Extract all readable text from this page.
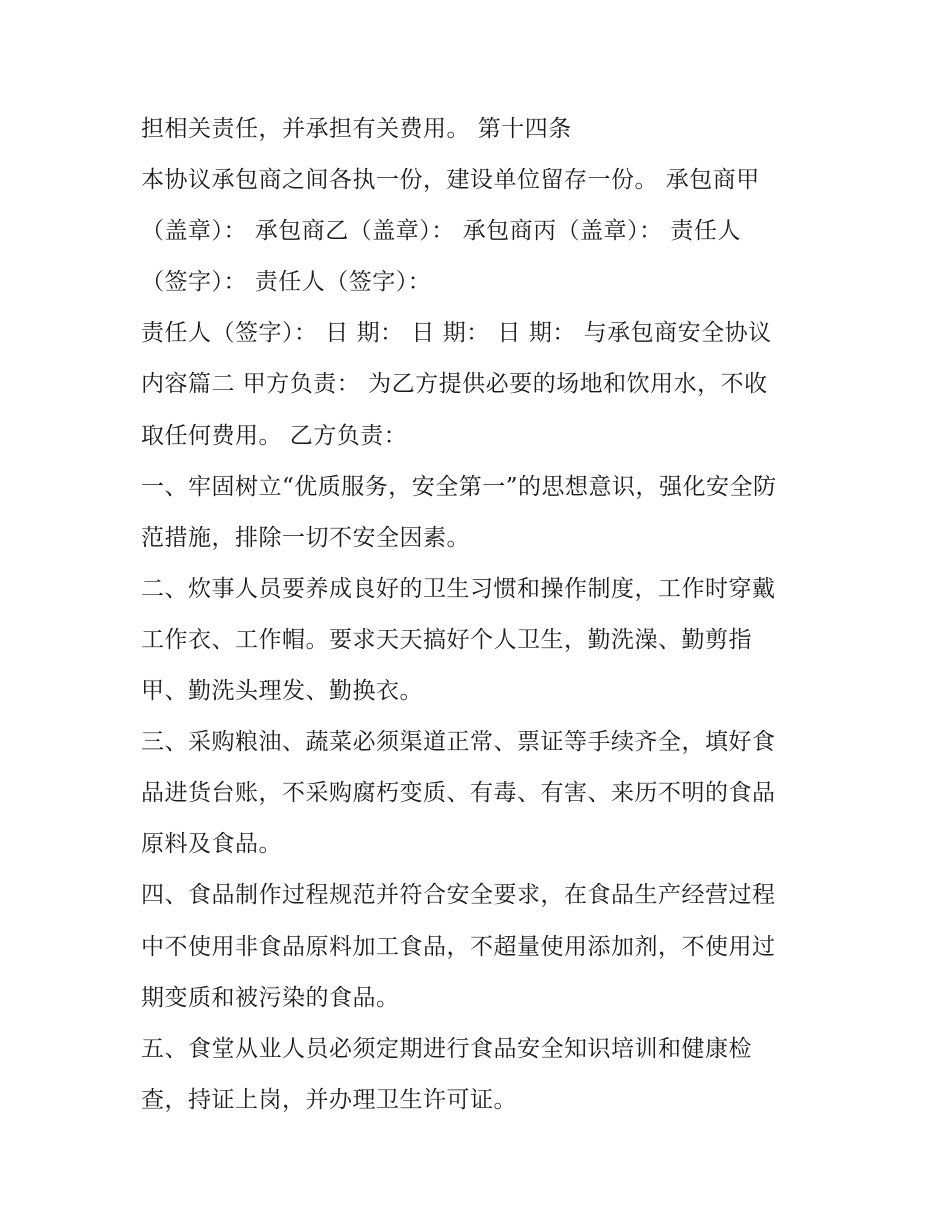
担相关责任，并承担有关费用。 第十四条
本协议承包商之间各执一份，建设单位留存一份。 承包商甲
（盖章）： 承包商乙（盖章）： 承包商丙（盖章）： 责任人
（签字）： 责任人（签字）：
责任人（签字）： 日 期： 日 期： 日 期： 与承包商安全协议
内容篇二 甲方负责： 为乙方提供必要的场地和饮用水，不收
取任何费用。 乙方负责：
一、牢固树立“优质服务，安全第一”的思想意识，强化安全防
范措施，排除一切不安全因素。
二、炊事人员要养成良好的卫生习惯和操作制度，工作时穿戴
工作衣、工作帽。要求天天搞好个人卫生，勤洗澡、勤剪指
甲、勤洗头理发、勤换衣。
三、采购粮油、蔬菜必须渠道正常、票证等手续齐全，填好食
品进货台账，不采购腐朽变质、有毒、有害、来历不明的食品
原料及食品。
四、食品制作过程规范并符合安全要求，在食品生产经营过程
中不使用非食品原料加工食品，不超量使用添加剂，不使用过
期变质和被污染的食品。
五、食堂从业人员必须定期进行食品安全知识培训和健康检
查，持证上岗，并办理卫生许可证。
